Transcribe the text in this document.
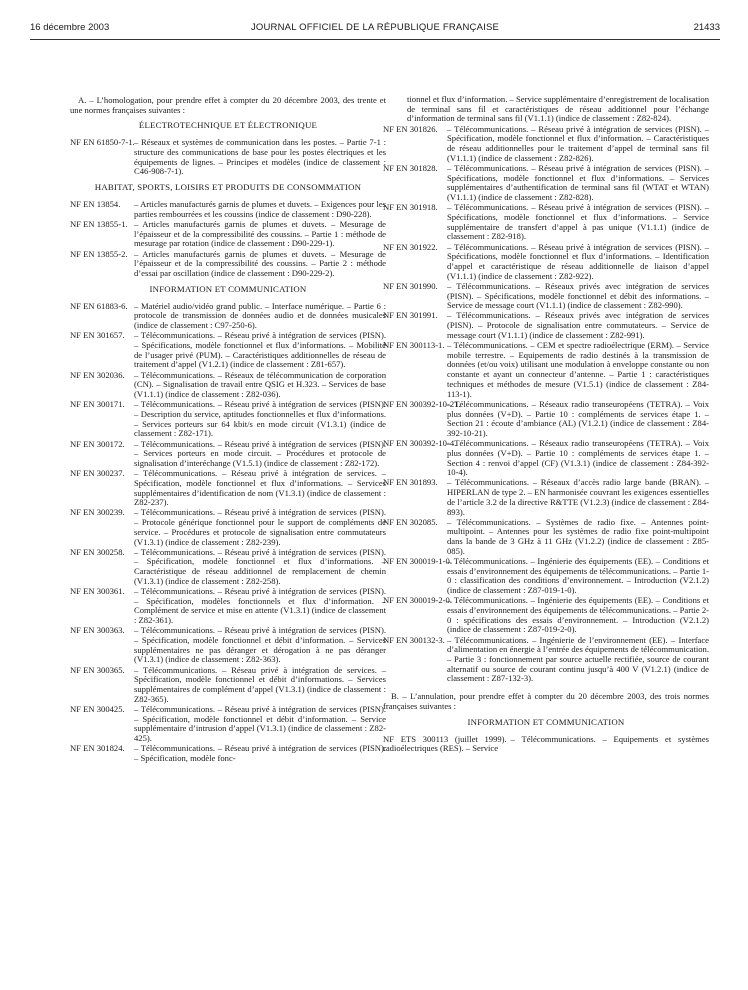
16 décembre 2003	JOURNAL OFFICIEL DE LA RÉPUBLIQUE FRANÇAISE	21433

A. – L’homologation, pour prendre effet à compter du 20 décembre 2003, des trente et une normes françaises suivantes :

ÉLECTROTECHNIQUE ET ÉLECTRONIQUE

NF EN 61850-7-1. – Réseaux et systèmes de communication dans les postes. – Partie 7-1 : structure des communications de base pour les postes électriques et les équipements de lignes. – Principes et modèles (indice de classement : C46-908-7-1).

HABITAT, SPORTS, LOISIRS ET PRODUITS DE CONSOMMATION

NF EN 13854. – Articles manufacturés garnis de plumes et duvets. – Exigences pour les parties rembourrées et les coussins (indice de classement : D90-228).

NF EN 13855-1. – Articles manufacturés garnis de plumes et duvets. – Mesurage de l’épaisseur et de la compressibilité des coussins. – Partie 1 : méthode de mesurage par rotation (indice de classement : D90-229-1).

NF EN 13855-2. – Articles manufacturés garnis de plumes et duvets. – Mesurage de l’épaisseur et de la compressibilité des coussins. – Partie 2 : méthode d’essai par oscillation (indice de classement : D90-229-2).

INFORMATION ET COMMUNICATION

NF EN 61883-6. – Matériel audio/vidéo grand public. – Interface numérique. – Partie 6 : protocole de transmission de données audio et de données musicales (indice de classement : C97-250-6).

NF EN 301657. – Télécommunications. – Réseau privé à intégration de services (PISN). – Spécifications, modèle fonctionnel et flux d’informations. – Mobilité de l’usager privé (PUM). – Caractéristiques additionnelles de réseau de traitement d’appel (V1.2.1) (indice de classement : Z81-657).

NF EN 302036. – Télécommunications. – Réseaux de télécommunication de corporation (CN). – Signalisation de travail entre QSIG et H.323. – Services de base (V1.1.1) (indice de classement : Z82-036).

NF EN 300171. – Télécommunications. – Réseau privé à intégration de services (PISN). – Description du service, aptitudes fonctionnelles et flux d’informations. – Services porteurs sur 64 kbit/s en mode circuit (V1.3.1) (indice de classement : Z82-171).

NF EN 300172. – Télécommunications. – Réseau privé à intégration de services (PISN). – Services porteurs en mode circuit. – Procédures et protocole de signalisation d’interéchange (V1.5.1) (indice de classement : Z82-172).

NF EN 300237. – Télécommunications. – Réseau privé à intégration de services. – Spécification, modèle fonctionnel et flux d’informations. – Services supplémentaires d’identification de nom (V1.3.1) (indice de classement : Z82-237).

NF EN 300239. – Télécommunications. – Réseau privé à intégration de services (PISN). – Protocole générique fonctionnel pour le support de compléments de service. – Procédures et protocole de signalisation entre commutateurs (V1.3.1) (indice de classement : Z82-239).

NF EN 300258. – Télécommunications. – Réseau privé à intégration de services (PISN). – Spécification, modèle fonctionnel et flux d’informations. – Caractéristique de réseau additionnel de remplacement de chemin (V1.3.1) (indice de classement : Z82-258).

NF EN 300361. – Télécommunications. – Réseau privé à intégration de services (PISN). – Spécification, modèles fonctionnels et flux d’information. – Complément de service et mise en attente (V1.3.1) (indice de classement : Z82-361).

NF EN 300363. – Télécommunications. – Réseau privé à intégration de services (PISN). – Spécification, modèle fonctionnel et débit d’information. – Services supplémentaires ne pas déranger et dérogation à ne pas déranger (V1.3.1) (indice de classement : Z82-363).

NF EN 300365. – Télécommunications. – Réseau privé à intégration de services. – Spécification, modèle fonctionnel et débit d’informations. – Services supplémentaires de complément d’appel (V1.3.1) (indice de classement : Z82-365).

NF EN 300425. – Télécommunications. – Réseau privé à intégration de services (PISN). – Spécification, modèle fonctionnel et débit d’information. – Service supplémentaire d’intrusion d’appel (V1.3.1) (indice de classement : Z82-425).

NF EN 301824. – Télécommunications. – Réseau privé à intégration de services (PISN). – Spécification, modèle fonc-

tionnel et flux d’information. – Service supplémentaire d’enregistrement de localisation de terminal sans fil et caractéristiques de réseau additionnel pour l’échange d’information de terminal sans fil (V1.1.1) (indice de classement : Z82-824).

NF EN 301826. – Télécommunications. – Réseau privé à intégration de services (PISN). – Spécification, modèle fonctionnel et flux d’information. – Caractéristiques de réseau additionnelles pour le traitement d’appel de terminal sans fil (V1.1.1) (indice de classement : Z82-826).

NF EN 301828. – Télécommunications. – Réseau privé à intégration de services (PISN). – Spécifications, modèle fonctionnel et flux d’informations. – Services supplémentaires d’authentification de terminal sans fil (WTAT et WTAN) (V1.1.1) (indice de classement : Z82-828).

NF EN 301918. – Télécommunications. – Réseau privé à intégration de services (PISN). – Spécifications, modèle fonctionnel et flux d’informations. – Service supplémentaire de transfert d’appel à pas unique (V1.1.1) (indice de classement : Z82-918).

NF EN 301922. – Télécommunications. – Réseau privé à intégration de services (PISN). – Spécifications, modèle fonctionnel et flux d’informations. – Identification d’appel et caractéristique de réseau additionnelle de liaison d’appel (V1.1.1) (indice de classement : Z82-922).

NF EN 301990. – Télécommunications. – Réseaux privés avec intégration de services (PISN). – Spécifications, modèle fonctionnel et débit des informations. – Service de message court (V1.1.1) (indice de classement : Z82-990).

NF EN 301991. – Télécommunications. – Réseaux privés avec intégration de services (PISN). – Protocole de signalisation entre commutateurs. – Service de message court (V1.1.1) (indice de classement : Z82-991).

NF EN 300113-1. – Télécommunications. – CEM et spectre radioélectrique (ERM). – Service mobile terrestre. – Equipements de radio destinés à la transmission de données (et/ou voix) utilisant une modulation à enveloppe constante ou non constante et ayant un connecteur d’antenne. – Partie 1 : caractéristiques techniques et méthodes de mesure (V1.5.1) (indice de classement : Z84-113-1).

NF EN 300392-10-21.
– Télécommunications. – Réseaux radio transeuropéens (TETRA). – Voix plus données (V+D). – Partie 10 : compléments de services étape 1. – Section 21 : écoute d’ambiance (AL) (V1.2.1) (indice de classement : Z84-392-10-21).

NF EN 300392-10-4.
– Télécommunications. – Réseaux radio transeuropéens (TETRA). – Voix plus données (V+D). – Partie 10 : compléments de services étape 1. – Section 4 : renvoi d’appel (CF) (V1.3.1) (indice de classement : Z84-392-10-4).

NF EN 301893. – Télécommunications. – Réseaux d’accès radio large bande (BRAN). – HIPERLAN de type 2. – EN harmonisée couvrant les exigences essentielles de l’article 3.2 de la directive R&TTE (V1.2.3) (indice de classement : Z84-893).

NF EN 302085. – Télécommunications. – Systèmes de radio fixe. – Antennes point-multipoint. – Antennes pour les systèmes de radio fixe point-multipoint dans la bande de 3 GHz à 11 GHz (V1.2.2) (indice de classement : Z85-085).

NF EN 300019-1-0.
– Télécommunications. – Ingénierie des équipements (EE). – Conditions et essais d’environnement des équipements de télécommunications. – Partie 1-0 : classification des conditions d’environnement. – Introduction (V2.1.2) (indice de classement : Z87-019-1-0).

NF EN 300019-2-0.
– Télécommunications. – Ingénierie des équipements (EE). – Conditions et essais d’environnement des équipements de télécommunications. – Partie 2-0 : spécifications des essais d’environnement. – Introduction (V2.1.2) (indice de classement : Z87-019-2-0).

NF EN 300132-3. – Télécommunications. – Ingénierie de l’environnement (EE). – Interface d’alimentation en énergie à l’entrée des équipements de télécommunication. – Partie 3 : fonctionnement par source actuelle rectifiée, source de courant alternatif ou source de courant continu jusqu’à 400 V (V1.2.1) (indice de classement : Z87-132-3).

B. – L’annulation, pour prendre effet à compter du 20 décembre 2003, des trois normes françaises suivantes :

INFORMATION ET COMMUNICATION

NF ETS 300113 (juillet 1999). – Télécommunications. – Equipements et systèmes radioélectriques (RES). – Service
